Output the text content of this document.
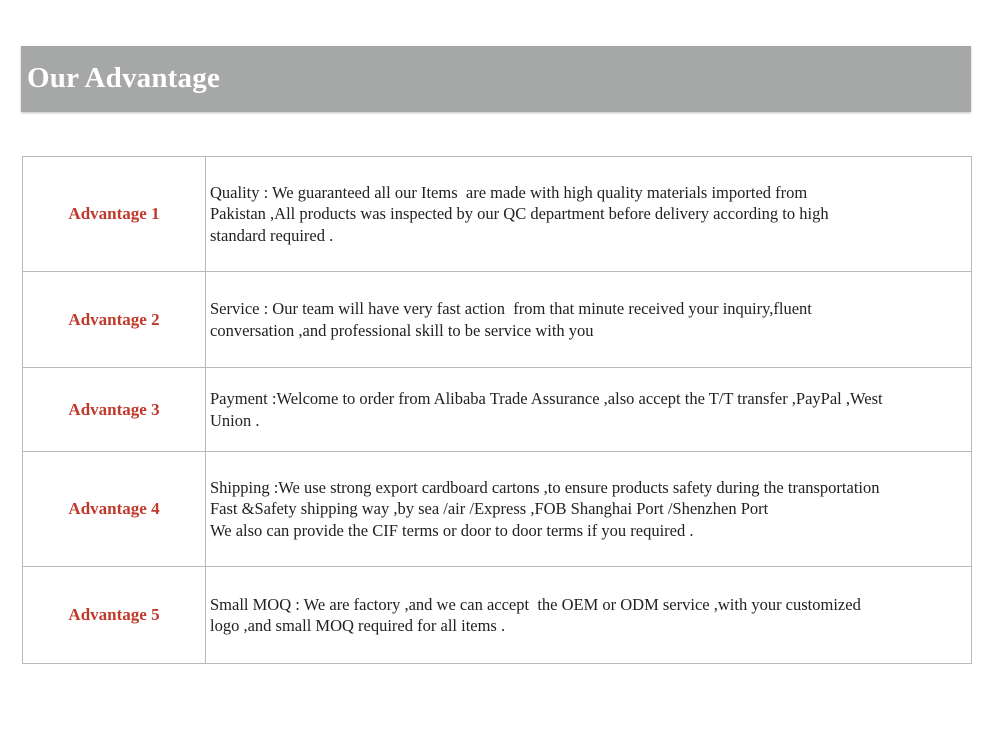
Our Advantage
Advantage 1	Quality : We guaranteed all our Items  are made with high quality materials imported from
Pakistan ,All products was inspected by our QC department before delivery according to high
standard required .

Advantage 2	Service : Our team will have very fast action  from that minute received your inquiry,fluent
conversation ,and professional skill to be service with you

Advantage 3	Payment :Welcome to order from Alibaba Trade Assurance ,also accept the T/T transfer ,PayPal ,West
Union .

Advantage 4	Shipping :We use strong export cardboard cartons ,to ensure products safety during the transportation
Fast &Safety shipping way ,by sea /air /Express ,FOB Shanghai Port /Shenzhen Port
We also can provide the CIF terms or door to door terms if you required .

Advantage 5	Small MOQ : We are factory ,and we can accept  the OEM or ODM service ,with your customized
logo ,and small MOQ required for all items .
